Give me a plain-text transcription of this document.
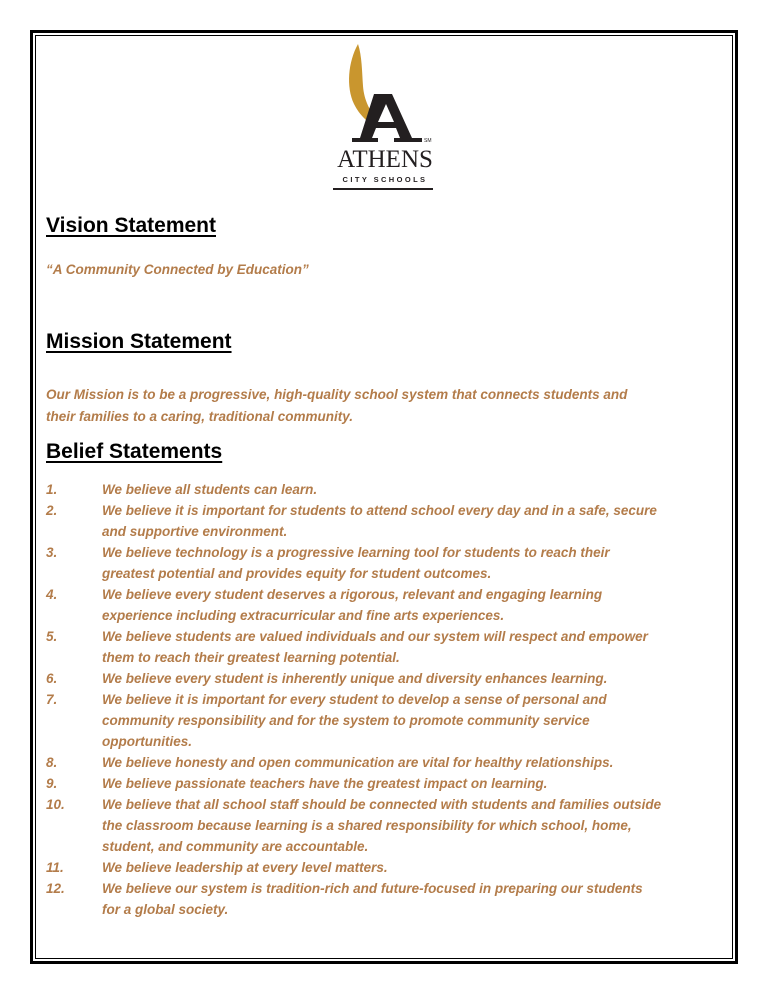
SM
ATHENS
CITY SCHOOLS
Vision Statement
“A Community Connected by Education”
Mission Statement
Our Mission is to be a progressive, high-quality school system that connects students and
their families to a caring, traditional community.
Belief Statements
1.	We believe all students can learn.
2.	We believe it is important for students to attend school every day and in a safe, secure
and supportive environment.
3.	We believe technology is a progressive learning tool for students to reach their
greatest potential and provides equity for student outcomes.
4.	We believe every student deserves a rigorous, relevant and engaging learning
experience including extracurricular and fine arts experiences.
5.	We believe students are valued individuals and our system will respect and empower
them to reach their greatest learning potential.
6.	We believe every student is inherently unique and diversity enhances learning.
7.	We believe it is important for every student to develop a sense of personal and
community responsibility and for the system to promote community service
opportunities.
8.	We believe honesty and open communication are vital for healthy relationships.
9.	We believe passionate teachers have the greatest impact on learning.
10.	We believe that all school staff should be connected with students and families outside
the classroom because learning is a shared responsibility for which school, home,
student, and community are accountable.
11.	We believe leadership at every level matters.
12.	We believe our system is tradition-rich and future-focused in preparing our students
for a global society.
